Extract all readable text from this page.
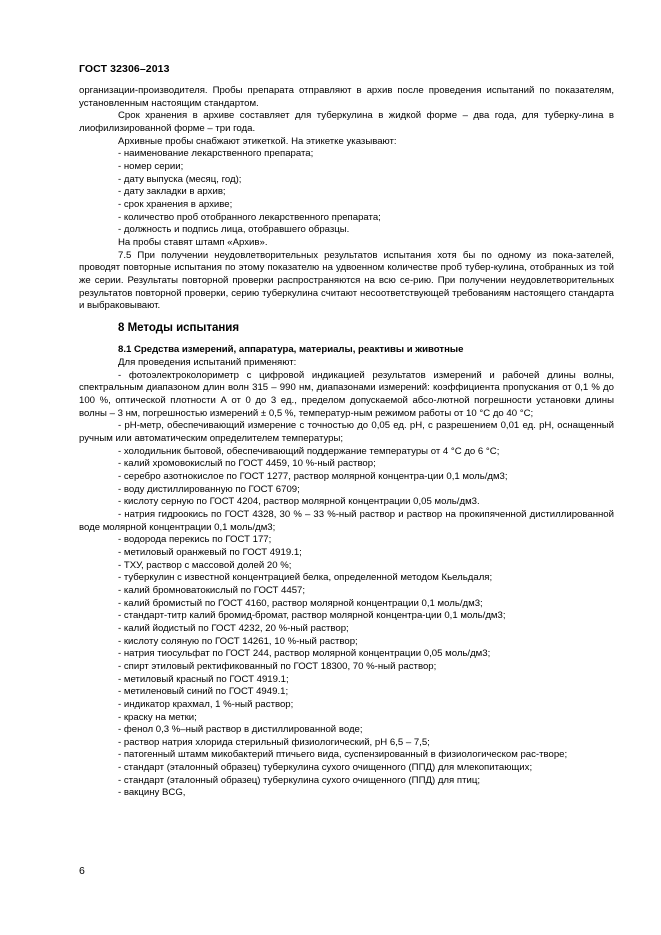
ГОСТ 32306–2013

организации-производителя. Пробы препарата отправляют в архив после проведения испытаний по показателям, установленным настоящим стандартом.

Срок хранения в архиве составляет для туберкулина в жидкой форме – два года, для туберку-лина в лиофилизированной форме – три года.

Архивные пробы снабжают этикеткой. На этикетке указывают:

- наименование лекарственного препарата;

- номер серии;

- дату выпуска (месяц, год);

- дату закладки в архив;

- срок хранения в архиве;

- количество проб отобранного лекарственного препарата;

- должность и подпись лица, отобравшего образцы.

На пробы ставят штамп «Архив».

7.5 При получении неудовлетворительных результатов испытания хотя бы по одному из пока-зателей, проводят повторные испытания по этому показателю на удвоенном количестве проб тубер-кулина, отобранных из той же серии. Результаты повторной проверки распространяются на всю се-рию. При получении неудовлетворительных результатов повторной проверки, серию туберкулина считают несоответствующей требованиям настоящего стандарта и выбраковывают.

8 Методы испытания

8.1 Средства измерений, аппаратура, материалы, реактивы и животные

Для проведения испытаний применяют:

- фотоэлектроколориметр с цифровой индикацией результатов измерений и рабочей длины волны, спектральным диапазоном длин волн 315 – 990 нм, диапазонами измерений: коэффициента пропускания от 0,1 % до 100 %, оптической плотности А от 0 до 3 ед., пределом допускаемой абсо-лютной погрешности установки длины волны – 3 нм, погрешностью измерений ± 0,5 %, температур-ным режимом работы от 10 °С до 40 °С;

- рН-метр, обеспечивающий измерение с точностью до 0,05 ед. рН, с разрешением 0,01 ед. рН, оснащенный ручным или автоматическим определителем температуры;

- холодильник бытовой, обеспечивающий поддержание температуры от 4 °С до 6 °С;

- калий хромовокислый по ГОСТ 4459, 10 %-ный раствор;

- серебро азотнокислое по ГОСТ 1277, раствор молярной концентра-ции 0,1 моль/дм3;

- воду дистиллированную по ГОСТ 6709;

- кислоту серную по ГОСТ 4204, раствор молярной концентрации 0,05 моль/дм3.

- натрия гидроокись по ГОСТ 4328, 30 % – 33 %-ный раствор и раствор на прокипяченной дистиллированной воде молярной концентрации 0,1 моль/дм3;

- водорода перекись по ГОСТ 177;

- метиловый оранжевый по ГОСТ 4919.1;

- ТХУ, раствор с массовой долей 20 %;

- туберкулин с известной концентрацией белка, определенной методом Кьельдаля;

- калий бромноватокислый по ГОСТ 4457;

- калий бромистый по ГОСТ 4160, раствор молярной концентрации 0,1 моль/дм3;

- стандарт-титр калий бромид-бромат, раствор молярной концентра-ции 0,1 моль/дм3;

- калий йодистый по ГОСТ 4232, 20 %-ный раствор;

- кислоту соляную по ГОСТ 14261, 10 %-ный раствор;

- натрия тиосульфат по ГОСТ 244, раствор молярной концентрации 0,05 моль/дм3;

- спирт этиловый ректификованный по ГОСТ 18300, 70 %-ный раствор;

- метиловый красный по ГОСТ 4919.1;

- метиленовый синий по ГОСТ 4949.1;

- индикатор крахмал, 1 %-ный раствор;

- краску на метки;

- фенол 0,3 %–ный раствор в дистиллированной воде;

- раствор натрия хлорида стерильный физиологический, рН 6,5 – 7,5;

- патогенный штамм микобактерий птичьего вида, суспензированный в физиологическом рас-творе;

- стандарт (эталонный образец) туберкулина сухого очищенного (ППД) для млекопитающих;

- стандарт (эталонный образец) туберкулина сухого очищенного (ППД) для птиц;

- вакцину BCG,

6
